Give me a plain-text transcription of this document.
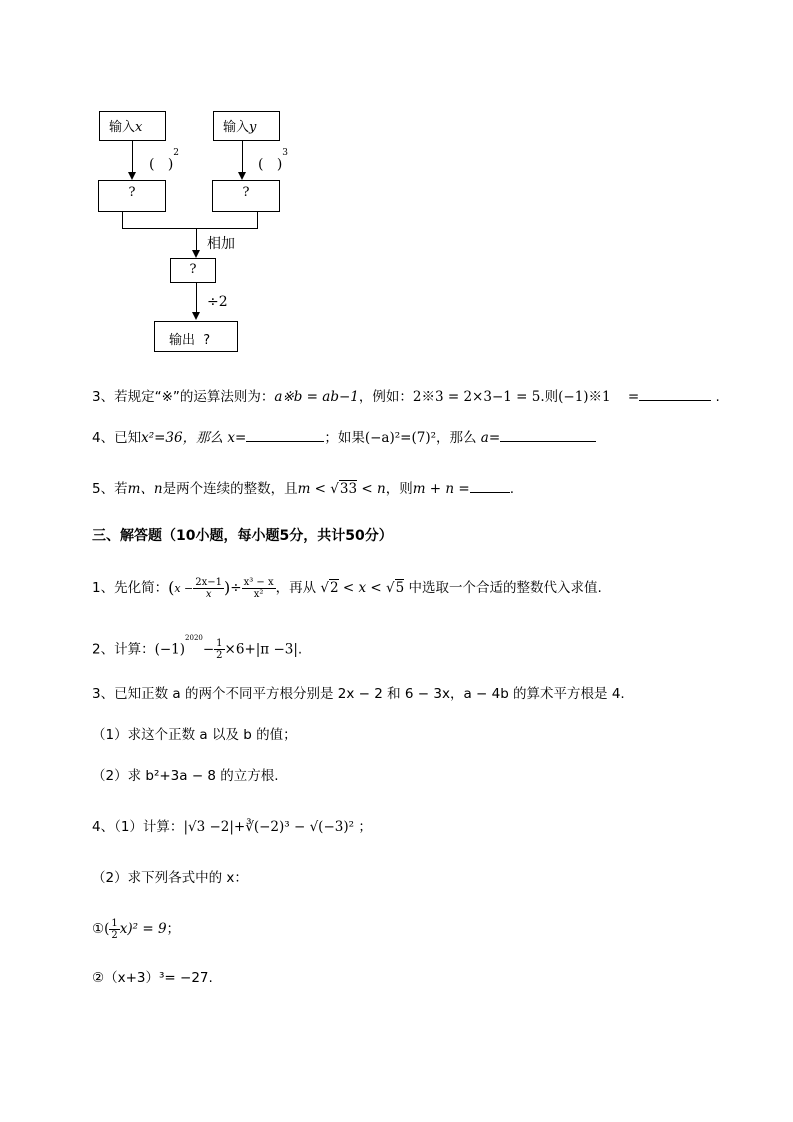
输入x	输入y
( )$^2$
( )$^3$
?	?
相加
?
÷2
输出 ?
3、若规定“※”的运算法则为：a※b = ab−1，例如：2※3 = 2×3−1 = 5.则(−1)※1 =	.
4、已知x²=36，那么 x=	；如果(−a)²=(7)²，那么 a=
5、若m、n是两个连续的整数，且m < √33 < n，则m + n =	.
三、解答题（10小题，每小题5分，共计50分）
1、先化简：($x - \frac{2x-1}{x}$ )÷ $\frac{\text{x³ − x}}{\text{x²}}$ ，再从 √2 < x < √5 中选取一个合适的整数代入求值.
2、计算：$(-1)^{2020}- \frac{1}{2} \times 6+|\pi -3|$.
3、已知正数 a 的两个不同平方根分别是 2x − 2 和 6 − 3x，a − 4b 的算术平方根是 4.
（1）求这个正数 a 以及 b 的值；
（2）求 b²+3a − 8 的立方根.
4、（1）计算：|√3 −2|+∛(−2)³ − √(−3)² ；
（2）求下列各式中的 x：
①( $\frac{1}{2} x)^2 = 9$；
②（x+3）³= −27.
